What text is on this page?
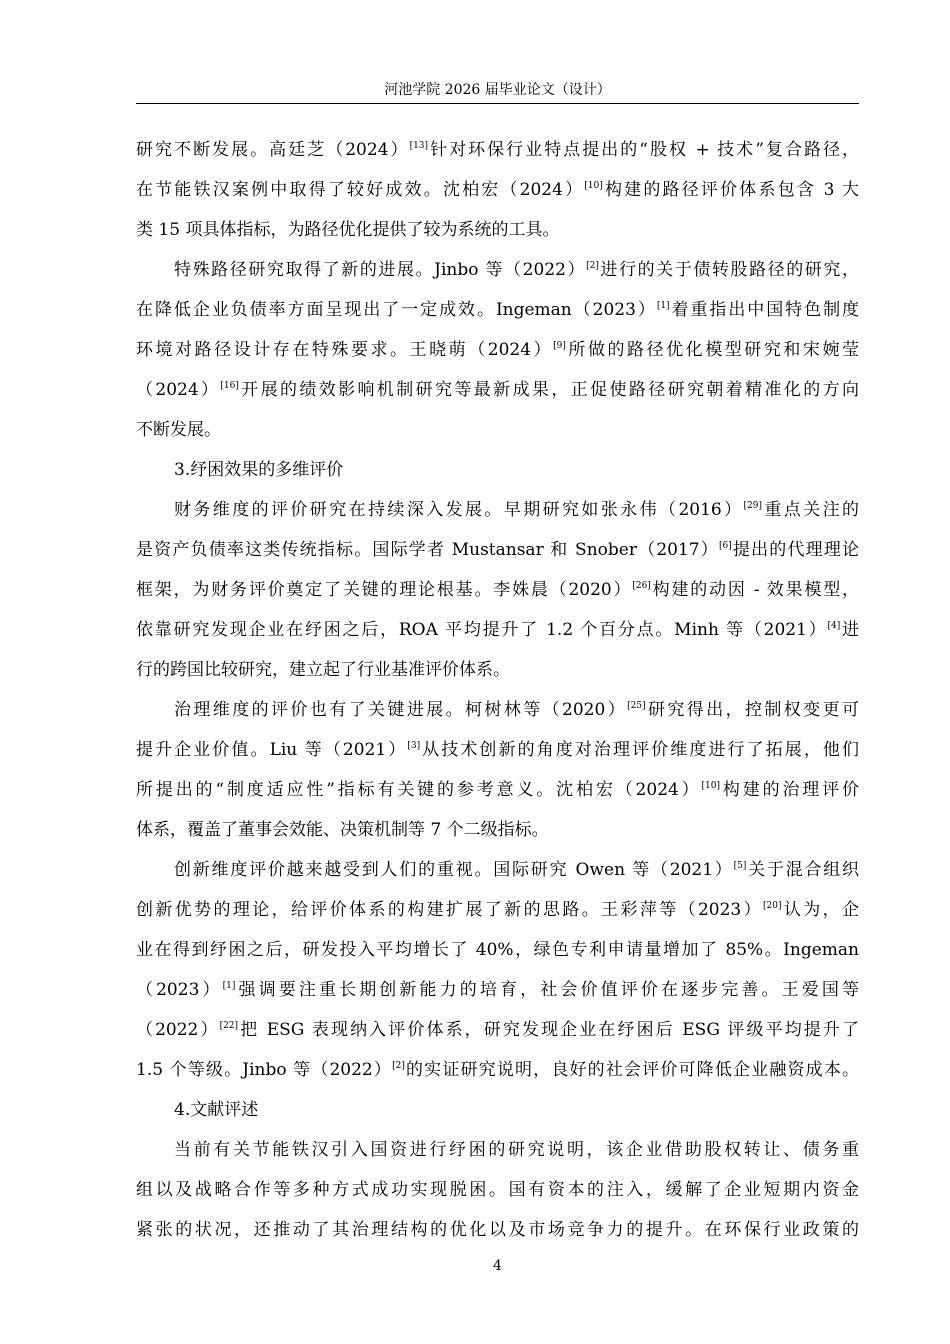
河池学院 2026 届毕业论文（设计）
研究不断发展。高廷芝（2024）[13]针对环保行业特点提出的“股权 + 技术”复合路径，
在节能铁汉案例中取得了较好成效。沈柏宏（2024）[10]构建的路径评价体系包含 3 大
类 15 项具体指标，为路径优化提供了较为系统的工具。
特殊路径研究取得了新的进展。Jinbo 等（2022）[2]进行的关于债转股路径的研究，
在降低企业负债率方面呈现出了一定成效。Ingeman（2023）[1]着重指出中国特色制度
环境对路径设计存在特殊要求。王晓萌（2024）[9]所做的路径优化模型研究和宋婉莹
（2024）[16]开展的绩效影响机制研究等最新成果，正促使路径研究朝着精准化的方向
不断发展。
3.纾困效果的多维评价
财务维度的评价研究在持续深入发展。早期研究如张永伟（2016）[29]重点关注的
是资产负债率这类传统指标。国际学者 Mustansar 和 Snober（2017）[6]提出的代理理论
框架，为财务评价奠定了关键的理论根基。李姝晨（2020）[26]构建的动因 - 效果模型，
依靠研究发现企业在纾困之后，ROA 平均提升了 1.2 个百分点。Minh 等（2021）[4]进
行的跨国比较研究，建立起了行业基准评价体系。
治理维度的评价也有了关键进展。柯树林等（2020）[25]研究得出，控制权变更可
提升企业价值。Liu 等（2021）[3]从技术创新的角度对治理评价维度进行了拓展，他们
所提出的“制度适应性”指标有关键的参考意义。沈柏宏（2024）[10]构建的治理评价
体系，覆盖了董事会效能、决策机制等 7 个二级指标。
创新维度评价越来越受到人们的重视。国际研究 Owen 等（2021）[5]关于混合组织
创新优势的理论，给评价体系的构建扩展了新的思路。王彩萍等（2023）[20]认为，企
业在得到纾困之后，研发投入平均增长了 40%，绿色专利申请量增加了 85%。Ingeman
（2023）[1]强调要注重长期创新能力的培育，社会价值评价在逐步完善。王爱国等
（2022）[22]把 ESG 表现纳入评价体系，研究发现企业在纾困后 ESG 评级平均提升了
1.5 个等级。Jinbo 等（2022）[2]的实证研究说明，良好的社会评价可降低企业融资成本。
4.文献评述
当前有关节能铁汉引入国资进行纾困的研究说明，该企业借助股权转让、债务重
组以及战略合作等多种方式成功实现脱困。国有资本的注入，缓解了企业短期内资金
紧张的状况，还推动了其治理结构的优化以及市场竞争力的提升。在环保行业政策的
4
